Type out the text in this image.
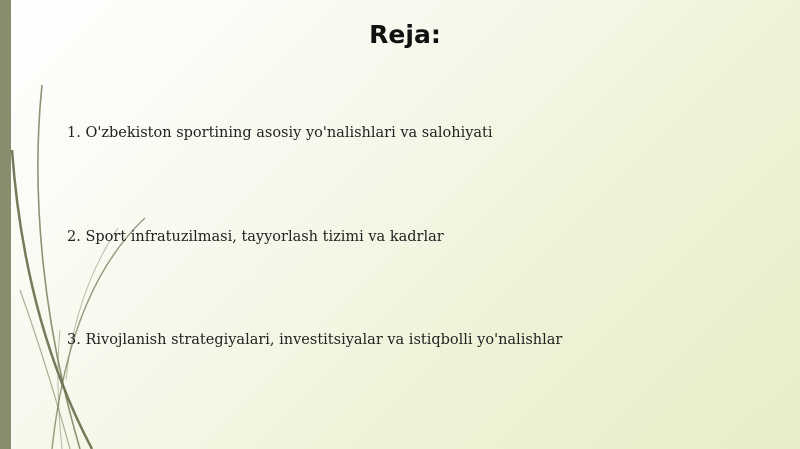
Reja:

1. O'zbekiston sportining asosiy yo'nalishlari va salohiyati

2. Sport infratuzilmasi, tayyorlash tizimi va kadrlar

3. Rivojlanish strategiyalari, investitsiyalar va istiqbolli yo'nalishlar
